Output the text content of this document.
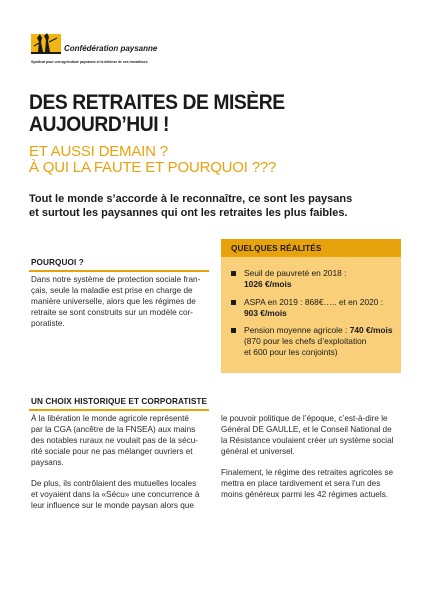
Confédération paysanne
Syndicat pour une agriculture paysanne et la défense de ses travailleurs
DES RETRAITES DE MISÈRE
AUJOURD’HUI !
ET AUSSI DEMAIN ?
À QUI LA FAUTE ET POURQUOI ???
Tout le monde s’accorde à le reconnaître, ce sont les paysans
et surtout les paysannes qui ont les retraites les plus faibles.
POURQUOI ?

Dans notre système de protection sociale fran-
çais, seule la maladie est prise en charge de
manière universelle, alors que les régimes de
retraite se sont construits sur un modèle cor-
poratiste.

QUELQUES RÉALITÉS
Seuil de pauvreté en 2018 :
1026 €/mois
ASPA en 2019 : 868€….. et en 2020 :
903 €/mois
Pension moyenne agricole : 740 €/mois
(870 pour les chefs d’exploitation
et 600 pour les conjoints)
UN CHOIX HISTORIQUE ET CORPORATISTE

À la libération le monde agricole représenté
par la CGA (ancêtre de la FNSEA) aux mains
des notables ruraux ne voulait pas de la sécu-
rité sociale pour ne pas mélanger ouvriers et
paysans.

De plus, ils contrôlaient des mutuelles locales
et voyaient dans la «Sécu» une concurrence à
leur influence sur le monde paysan alors que

le pouvoir politique de l’époque, c’est-à-dire le
Général DE GAULLE, et le Conseil National de
la Résistance voulaient créer un système social
général et universel.

Finalement, le régime des retraites agricoles se
mettra en place tardivement et sera l’un des
moins généreux parmi les 42 régimes actuels.
